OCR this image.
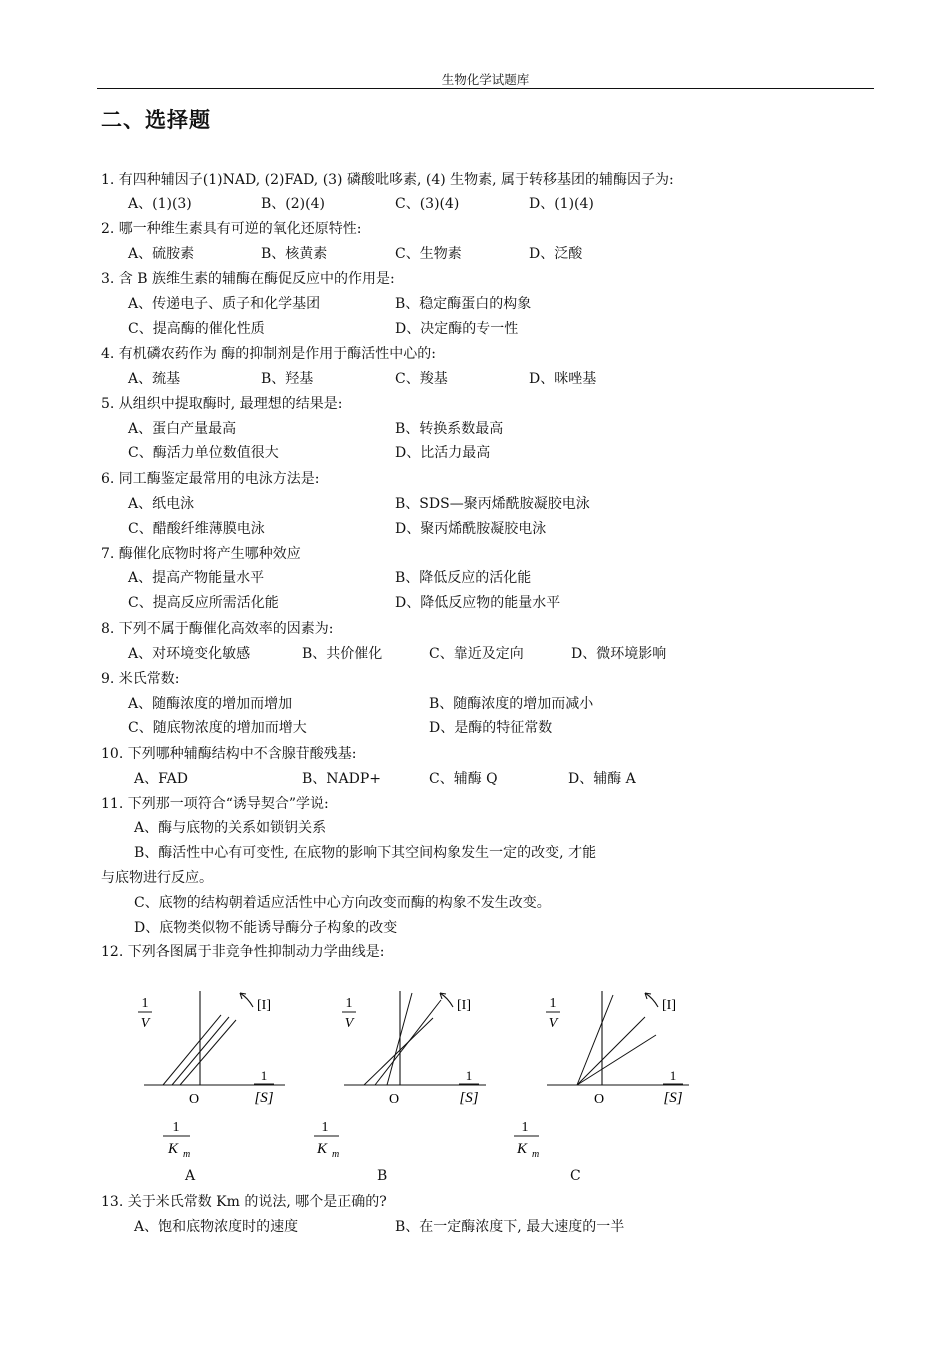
生物化学试题库
二、选择题
1. 有四种辅因子(1)NAD, (2)FAD, (3) 磷酸吡哆素, (4) 生物素, 属于转移基团的辅酶因子为:
A、(1)(3)	B、(2)(4)	C、(3)(4)	D、(1)(4)
2. 哪一种维生素具有可逆的氧化还原特性:
A、硫胺素	B、核黄素	C、生物素	D、泛酸
3. 含 B 族维生素的辅酶在酶促反应中的作用是:
A、传递电子、质子和化学基团	B、稳定酶蛋白的构象
C、提高酶的催化性质	D、决定酶的专一性
4. 有机磷农药作为 酶的抑制剂是作用于酶活性中心的:
A、巯基	B、羟基	C、羧基	D、咪唑基
5. 从组织中提取酶时, 最理想的结果是:
A、蛋白产量最高	B、转换系数最高
C、酶活力单位数值很大	D、比活力最高
6. 同工酶鉴定最常用的电泳方法是:
A、纸电泳	B、SDS—聚丙烯酰胺凝胶电泳
C、醋酸纤维薄膜电泳	D、聚丙烯酰胺凝胶电泳
7. 酶催化底物时将产生哪种效应
A、提高产物能量水平	B、降低反应的活化能
C、提高反应所需活化能	D、降低反应物的能量水平
8. 下列不属于酶催化高效率的因素为:
A、对环境变化敏感	B、共价催化	C、靠近及定向	D、微环境影响
9. 米氏常数:
A、随酶浓度的增加而增加	B、随酶浓度的增加而减小
C、随底物浓度的增加而增大	D、是酶的特征常数
10. 下列哪种辅酶结构中不含腺苷酸残基:
A、FAD	B、NADP+	C、辅酶 Q	D、辅酶 A
11. 下列那一项符合“诱导契合”学说:
A、酶与底物的关系如锁钥关系
B、酶活性中心有可变性, 在底物的影响下其空间构象发生一定的改变, 才能
与底物进行反应。
C、底物的结构朝着适应活性中心方向改变而酶的构象不发生改变。
D、底物类似物不能诱导酶分子构象的改变
12. 下列各图属于非竞争性抑制动力学曲线是:
1
V
[I]
1
[S]
O
1
K m
1
V
[I]
1
[S]
O
1
K m
1
V
[I]
1
[S]
O
1
K m
A	B	C
13. 关于米氏常数 Km 的说法, 哪个是正确的?
A、饱和底物浓度时的速度	B、在一定酶浓度下, 最大速度的一半
